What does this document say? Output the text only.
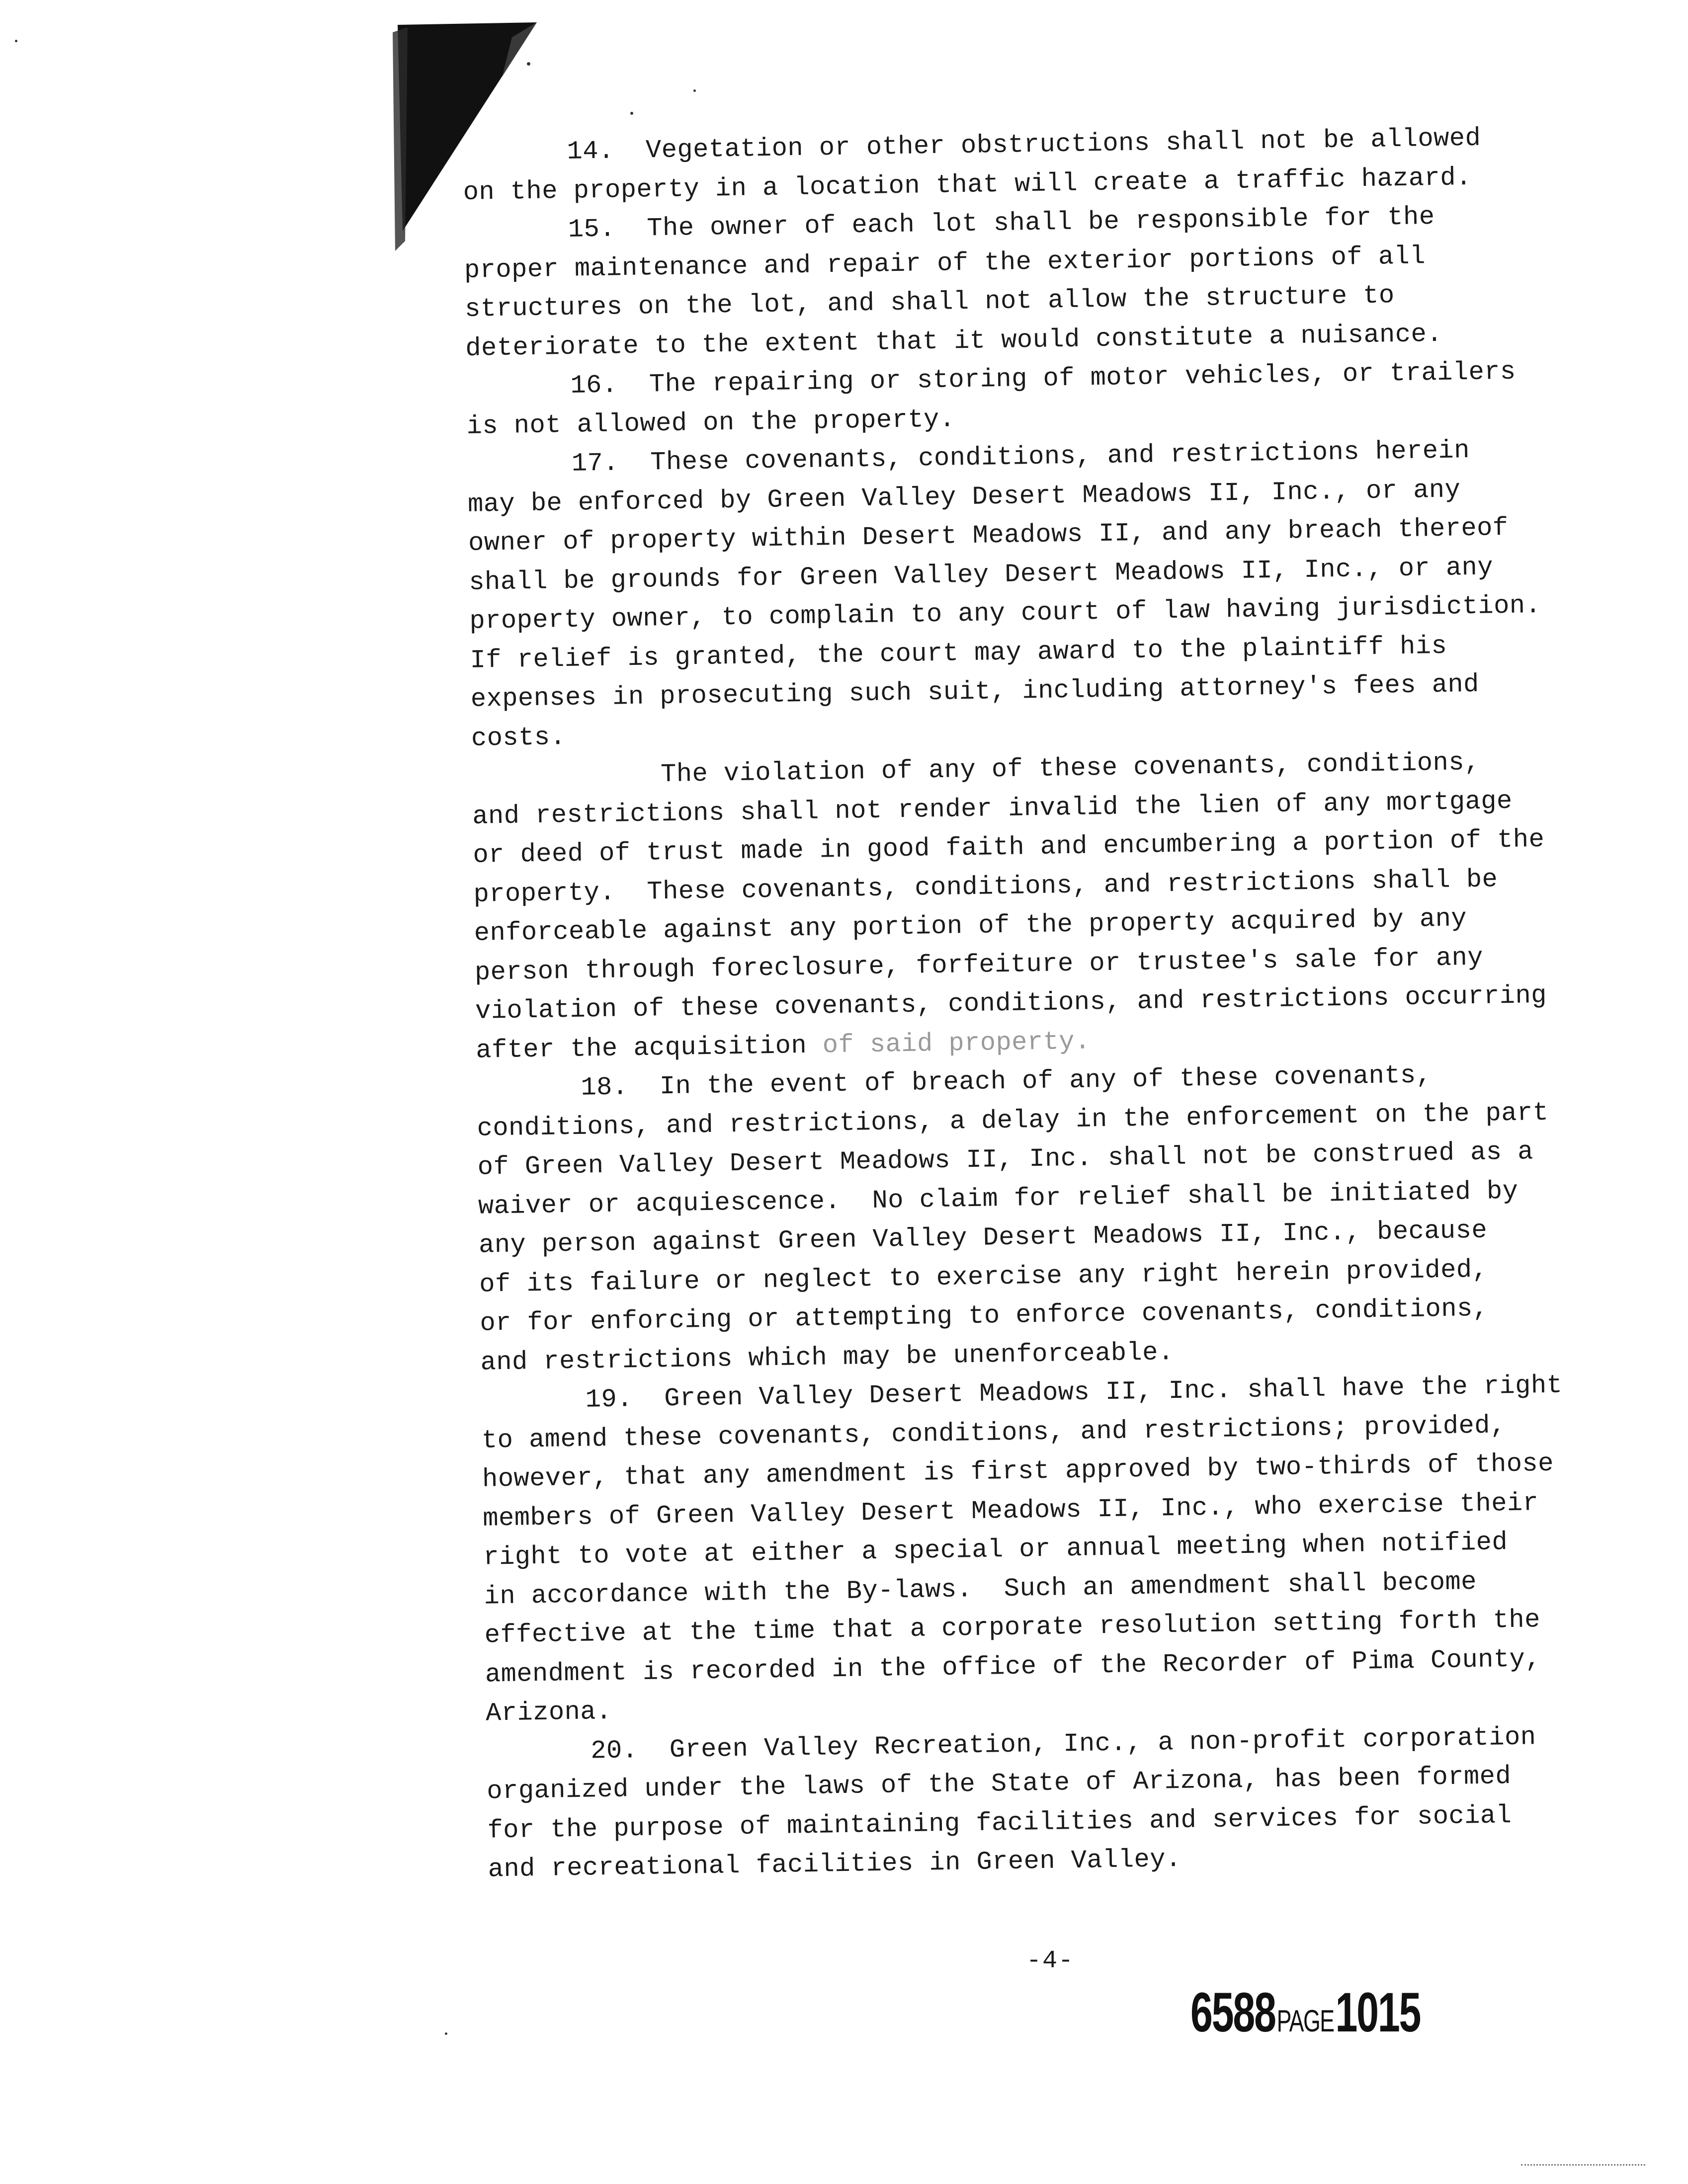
14.  Vegetation or other obstructions shall not be allowed
on the property in a location that will create a traffic hazard.
15.  The owner of each lot shall be responsible for the
proper maintenance and repair of the exterior portions of all
structures on the lot, and shall not allow the structure to
deteriorate to the extent that it would constitute a nuisance.
16.  The repairing or storing of motor vehicles, or trailers
is not allowed on the property.
17.  These covenants, conditions, and restrictions herein
may be enforced by Green Valley Desert Meadows II, Inc., or any
owner of property within Desert Meadows II, and any breach thereof
shall be grounds for Green Valley Desert Meadows II, Inc., or any
property owner, to complain to any court of law having jurisdiction.
If relief is granted, the court may award to the plaintiff his
expenses in prosecuting such suit, including attorney's fees and
costs.
The violation of any of these covenants, conditions,
and restrictions shall not render invalid the lien of any mortgage
or deed of trust made in good faith and encumbering a portion of the
property.  These covenants, conditions, and restrictions shall be
enforceable against any portion of the property acquired by any
person through foreclosure, forfeiture or trustee's sale for any
violation of these covenants, conditions, and restrictions occurring
after the acquisition of said property.
18.  In the event of breach of any of these covenants,
conditions, and restrictions, a delay in the enforcement on the part
of Green Valley Desert Meadows II, Inc. shall not be construed as a
waiver or acquiescence.  No claim for relief shall be initiated by
any person against Green Valley Desert Meadows II, Inc., because
of its failure or neglect to exercise any right herein provided,
or for enforcing or attempting to enforce covenants, conditions,
and restrictions which may be unenforceable.
19.  Green Valley Desert Meadows II, Inc. shall have the right
to amend these covenants, conditions, and restrictions; provided,
however, that any amendment is first approved by two-thirds of those
members of Green Valley Desert Meadows II, Inc., who exercise their
right to vote at either a special or annual meeting when notified
in accordance with the By-laws.  Such an amendment shall become
effective at the time that a corporate resolution setting forth the
amendment is recorded in the office of the Recorder of Pima County,
Arizona.
20.  Green Valley Recreation, Inc., a non-profit corporation
organized under the laws of the State of Arizona, has been formed
for the purpose of maintaining facilities and services for social
and recreational facilities in Green Valley.
-4-
6588 PAGE 1015
